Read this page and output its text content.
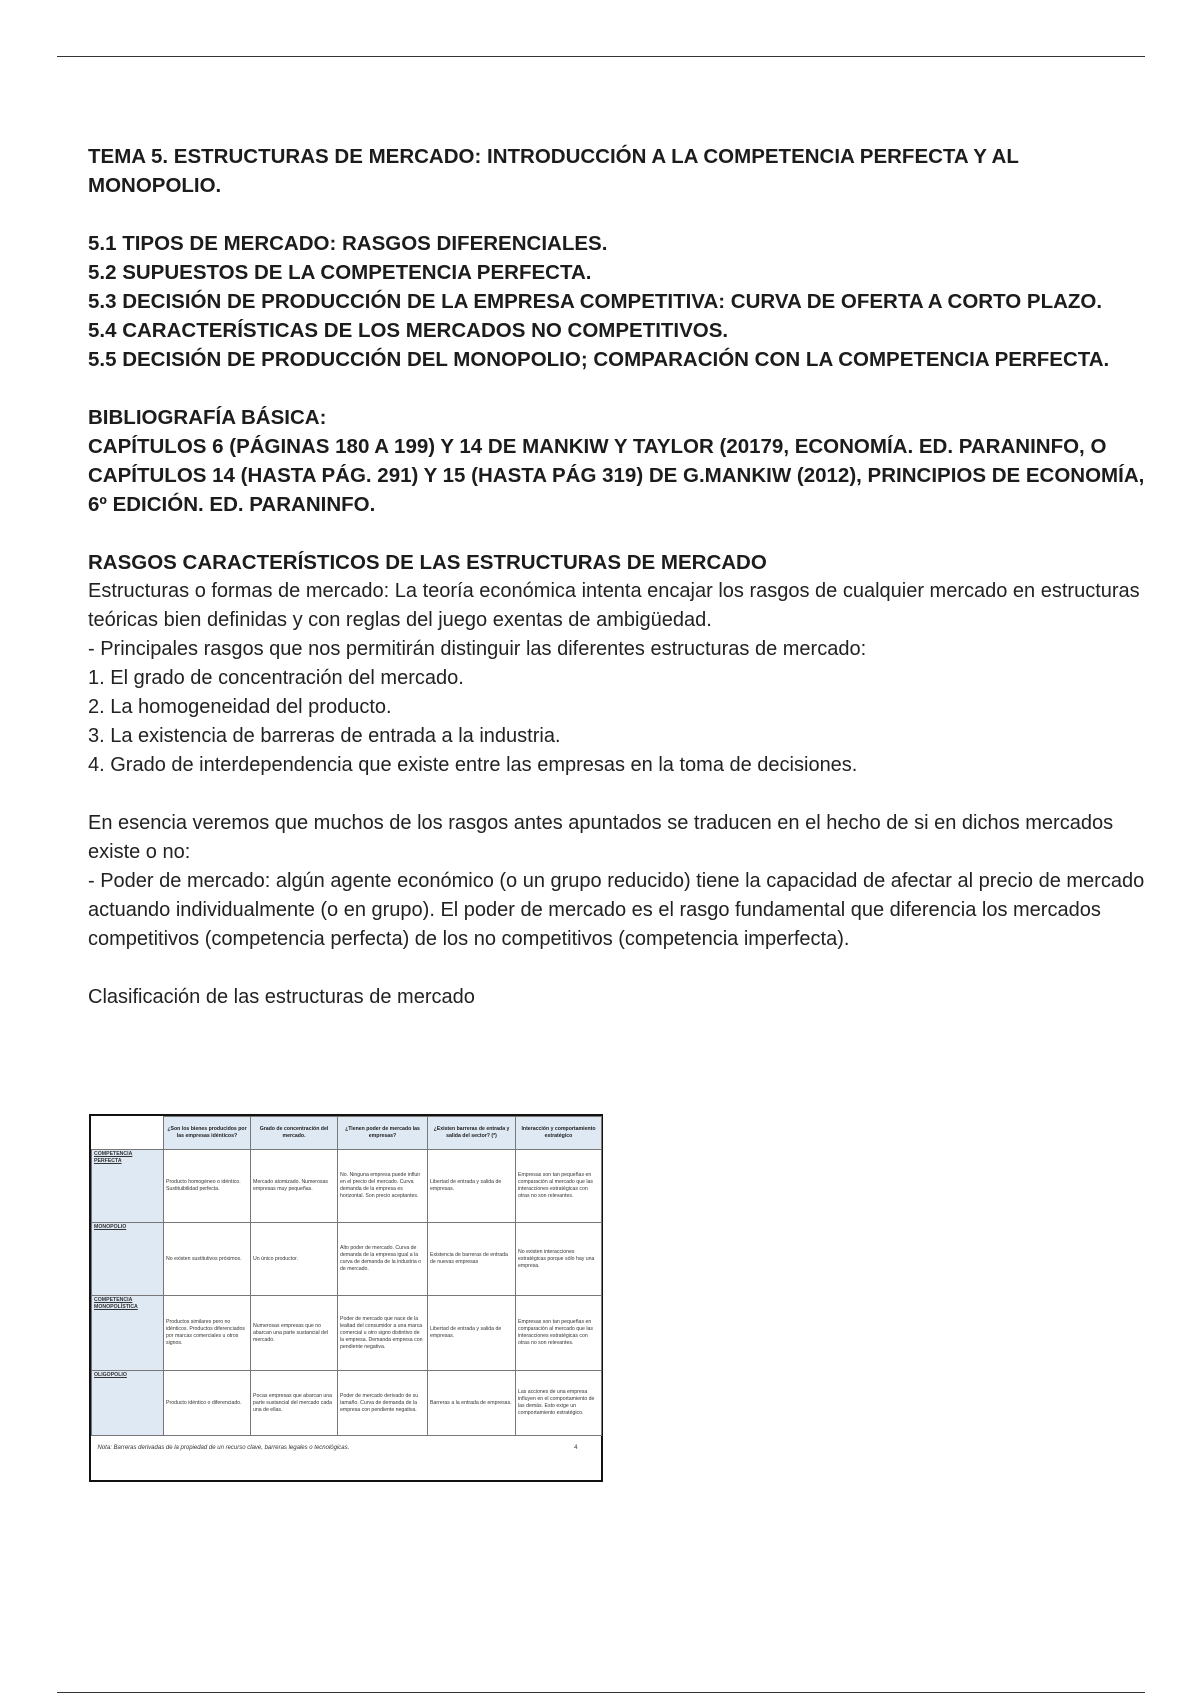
TEMA 5. ESTRUCTURAS DE MERCADO: INTRODUCCIÓN A LA COMPETENCIA PERFECTA Y AL MONOPOLIO.

5.1 TIPOS DE MERCADO: RASGOS DIFERENCIALES.

5.2 SUPUESTOS DE LA COMPETENCIA PERFECTA.

5.3 DECISIÓN DE PRODUCCIÓN DE LA EMPRESA COMPETITIVA: CURVA DE OFERTA A CORTO PLAZO.

5.4 CARACTERÍSTICAS DE LOS MERCADOS NO COMPETITIVOS.

5.5 DECISIÓN DE PRODUCCIÓN DEL MONOPOLIO; COMPARACIÓN CON LA COMPETENCIA PERFECTA.

BIBLIOGRAFÍA BÁSICA:

CAPÍTULOS 6 (PÁGINAS 180 A 199) Y 14 DE MANKIW Y TAYLOR (20179, ECONOMÍA. ED. PARANINFO, O CAPÍTULOS 14 (HASTA PÁG. 291) Y 15 (HASTA PÁG 319) DE G.MANKIW (2012), PRINCIPIOS DE ECONOMÍA, 6º EDICIÓN. ED. PARANINFO.

RASGOS CARACTERÍSTICOS DE LAS ESTRUCTURAS DE MERCADO

Estructuras o formas de mercado: La teoría económica intenta encajar los rasgos de cualquier mercado en estructuras teóricas bien definidas y con reglas del juego exentas de ambigüedad.

- Principales rasgos que nos permitirán distinguir las diferentes estructuras de mercado:

1. El grado de concentración del mercado.

2. La homogeneidad del producto.

3. La existencia de barreras de entrada a la industria.

4. Grado de interdependencia que existe entre las empresas en la toma de decisiones.

En esencia veremos que muchos de los rasgos antes apuntados se traducen en el hecho de si en dichos mercados existe o no:

- Poder de mercado: algún agente económico (o un grupo reducido) tiene la capacidad de afectar al precio de mercado actuando individualmente (o en grupo). El poder de mercado es el rasgo fundamental que diferencia los mercados competitivos (competencia perfecta) de los no competitivos (competencia imperfecta).

Clasificación de las estructuras de mercado

	¿Son los bienes producidos por las empresas idénticos?	Grado de concentración del mercado.	¿Tienen poder de mercado las empresas?	¿Existen barreras de entrada y salida del sector? (*)	Interacción y comportamiento estratégico
COMPETENCIA PERFECTA	Producto homogéneo o idéntico. Sustituibilidad perfecta.	Mercado atomizado. Numerosas empresas muy pequeñas.	No. Ninguna empresa puede influir en el precio del mercado. Curva demanda de la empresa es horizontal. Son precio aceptantes.	Libertad de entrada y salida de empresas.	Empresas son tan pequeñas en comparación al mercado que las interacciones estratégicas con otras no son relevantes.
MONOPOLIO	No existen sustitutivos próximos.	Un único productor.	Alto poder de mercado. Curva de demanda de la empresa igual a la curva de demanda de la industria o de mercado.	Existencia de barreras de entrada de nuevas empresas	No existen interacciones estratégicas porque sólo hay una empresa.
COMPETENCIA MONOPOLÍSTICA	Productos similares pero no idénticos. Productos diferenciados por marcas comerciales u otros signos.	Numerosas empresas que no abarcan una parte sustancial del mercado.	Poder de mercado que nace de la lealtad del consumidor a una marca comercial u otro signo distintivo de la empresa. Demanda empresa con pendiente negativa.	Libertad de entrada y salida de empresas.	Empresas son tan pequeñas en comparación al mercado que las interacciones estratégicas con otras no son relevantes.
OLIGOPOLIO	Producto idéntico o diferenciado.	Pocas empresas que abarcan una parte sustancial del mercado cada una de ellas.	Poder de mercado derivado de su tamaño. Curva de demanda de la empresa con pendiente negativa.	Barreras a la entrada de empresas.	Las acciones de una empresa influyen en el comportamiento de las demás. Esto exige un comportamiento estratégico.

4
Nota: Barreras derivadas de la propiedad de un recurso clave, barreras legales o tecnológicas.					
